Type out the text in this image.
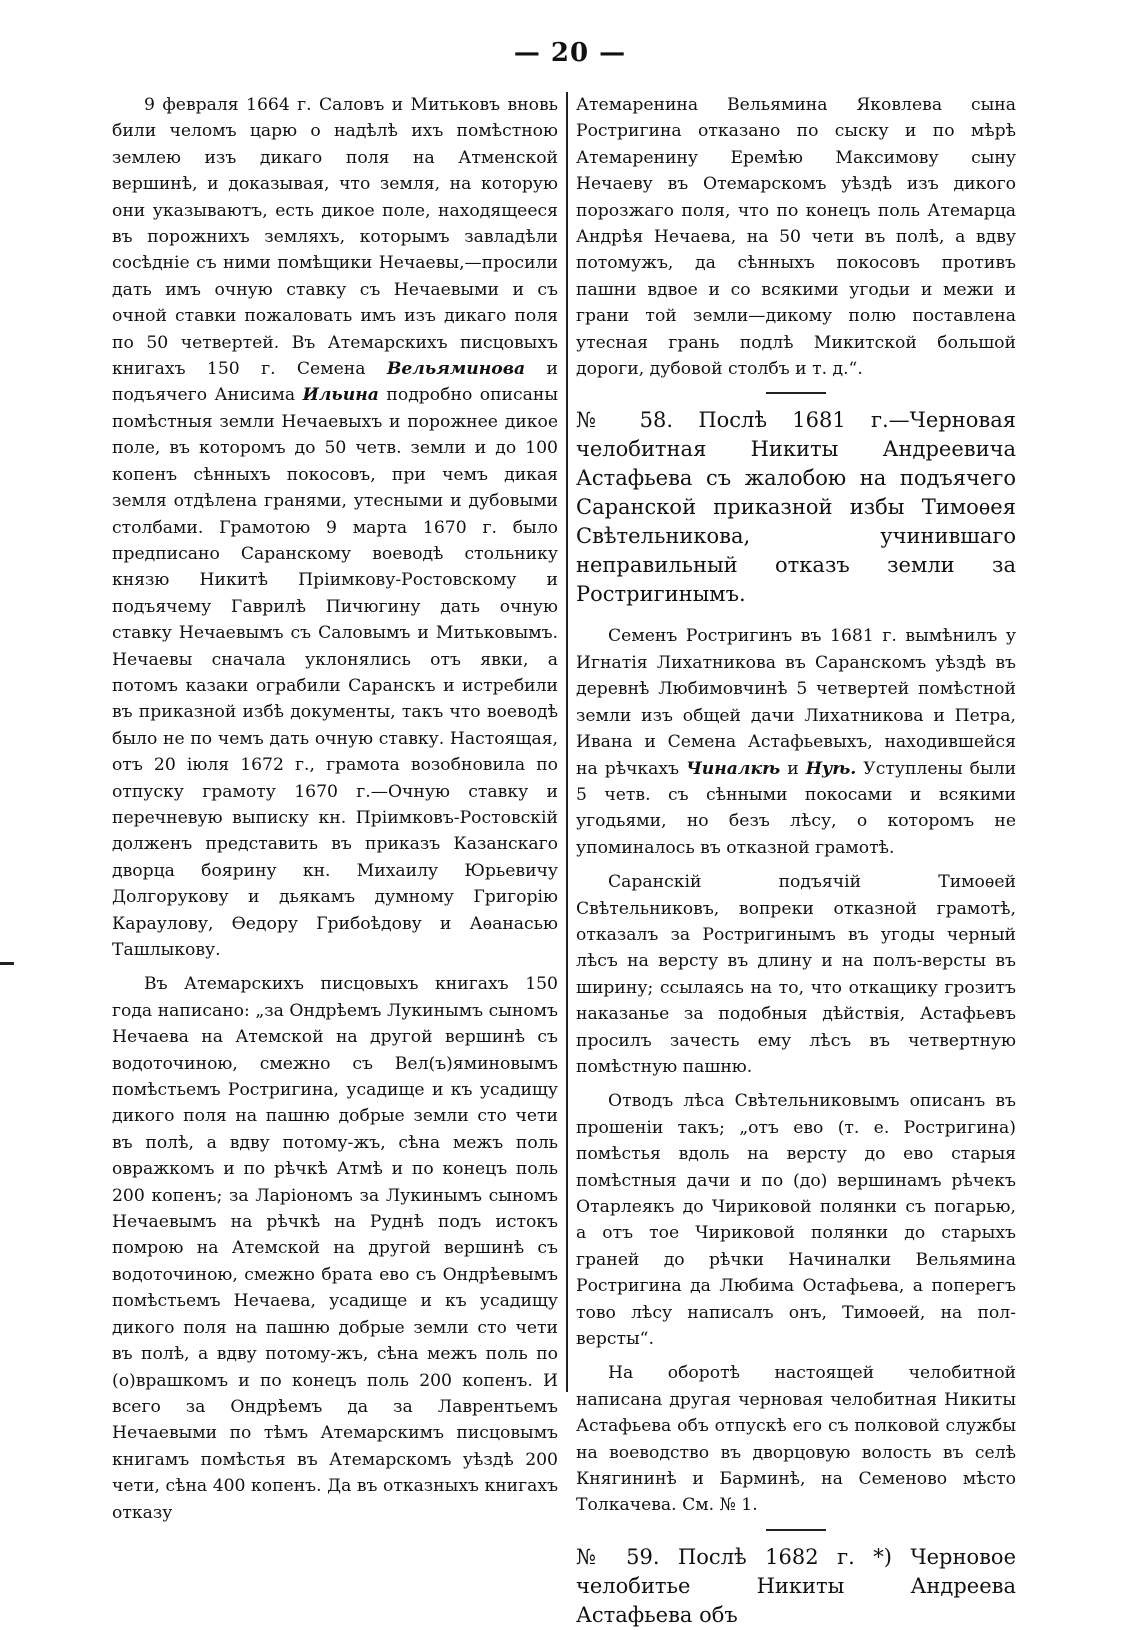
— 20 —

9 февраля 1664 г. Саловъ и Митьковъ вновь били челомъ царю о надѣлѣ ихъ помѣстною землею изъ дикаго поля на Атменской вершинѣ, и доказывая, что земля, на которую они указываютъ, есть дикое поле, находящееся въ порожнихъ земляхъ, которымъ завладѣли сосѣдніе съ ними помѣщики Нечаевы,—просили дать имъ очную ставку съ Нечаевыми и съ очной ставки пожаловать имъ изъ дикаго поля по 50 четвертей. Въ Атемарскихъ писцовыхъ книгахъ 150 г. Семена Вельяминова и подъячего Анисима Ильина подробно описаны помѣстныя земли Нечаевыхъ и порожнее дикое поле, въ которомъ до 50 четв. земли и до 100 копенъ сѣнныхъ покосовъ, при чемъ дикая земля отдѣлена гранями, утесными и дубовыми столбами. Грамотою 9 марта 1670 г. было предписано Саранскому воеводѣ стольнику князю Никитѣ Пріимкову-Ростовскому и подъячему Гаврилѣ Пичюгину дать очную ставку Нечаевымъ съ Саловымъ и Митьковымъ. Нечаевы сначала уклонялись отъ явки, а потомъ казаки ограбили Саранскъ и истребили въ приказной избѣ документы, такъ что воеводѣ было не по чемъ дать очную ставку. Настоящая, отъ 20 іюля 1672 г., грамота возобновила по отпуску грамоту 1670 г.—Очную ставку и перечневую выписку кн. Пріимковъ-Ростовскій долженъ представить въ приказъ Казанскаго дворца боярину кн. Михаилу Юрьевичу Долгорукову и дьякамъ думному Григорію Караулову, Ѳедору Грибоѣдову и Аѳанасью Ташлыкову.

Въ Атемарскихъ писцовыхъ книгахъ 150 года написано: „за Ондрѣемъ Лукинымъ сыномъ Нечаева на Атемской на другой вершинѣ съ водоточиною, смежно съ Вел(ъ)яминовымъ помѣстьемъ Ростригина, усадище и къ усадищу дикого поля на пашню добрые земли сто чети въ полѣ, а вдву потому-жъ, сѣна межъ поль овражкомъ и по рѣчкѣ Атмѣ и по конецъ поль 200 копенъ; за Ларіономъ за Лукинымъ сыномъ Нечаевымъ на рѣчкѣ на Руднѣ подъ истокъ помрою на Атемской на другой вершинѣ съ водоточиною, смежно брата ево съ Ондрѣевымъ помѣстьемъ Нечаева, усадище и къ усадищу дикого поля на пашню добрые земли сто чети въ полѣ, а вдву потому-жъ, сѣна межъ поль по (о)врашкомъ и по конецъ поль 200 копенъ. И всего за Ондрѣемъ да за Лаврентьемъ Нечаевыми по тѣмъ Атемарскимъ писцовымъ книгамъ помѣстья въ Атемарскомъ уѣздѣ 200 чети, сѣна 400 копенъ. Да въ отказныхъ книгахъ отказу

Атемаренина Вельямина Яковлева сына Ростригина отказано по сыску и по мѣрѣ Атемаренину Еремѣю Максимову сыну Нечаеву въ Отемарскомъ уѣздѣ изъ дикого порозжаго поля, что по конецъ поль Атемарца Андрѣя Нечаева, на 50 чети въ полѣ, а вдву потомужъ, да сѣнныхъ покосовъ противъ пашни вдвое и со всякими угодьи и межи и грани той земли—дикому полю поставлена утесная грань подлѣ Микитской большой дороги, дубовой столбъ и т. д.“.

№ 58. Послѣ 1681 г.—Черновая челобитная Никиты Андреевича Астафьева съ жалобою на подъячего Саранской приказной избы Тимоѳея Свѣтельникова, учинившаго неправильный отказъ земли за Ростригинымъ.

Семенъ Ростригинъ въ 1681 г. вымѣнилъ у Игнатія Лихатникова въ Саранскомъ уѣздѣ въ деревнѣ Любимовчинѣ 5 четвертей помѣстной земли изъ общей дачи Лихатникова и Петра, Ивана и Семена Астафьевыхъ, находившейся на рѣчкахъ Чиналкѣ и Нуѣ. Уступлены были 5 четв. съ сѣнными покосами и всякими угодьями, но безъ лѣсу, о которомъ не упоминалось въ отказной грамотѣ.

Саранскій подъячій Тимоѳей Свѣтельниковъ, вопреки отказной грамотѣ, отказалъ за Ростригинымъ въ угоды черный лѣсъ на версту въ длину и на полъ-версты въ ширину; ссылаясь на то, что откащику грозитъ наказанье за подобныя дѣйствія, Астафьевъ просилъ зачесть ему лѣсъ въ четвертную помѣстную пашню.

Отводъ лѣса Свѣтельниковымъ описанъ въ прошеніи такъ; „отъ ево (т. е. Ростригина) помѣстья вдоль на версту до ево старыя помѣстныя дачи и по (до) вершинамъ рѣчекъ Отарлеякъ до Чириковой полянки съ погарью, а отъ тое Чириковой полянки до старыхъ граней до рѣчки Начиналки Вельямина Ростригина да Любима Остафьева, а поперегъ тово лѣсу написалъ онъ, Тимоѳей, на пол-версты“.

На оборотѣ настоящей челобитной написана другая черновая челобитная Никиты Астафьева объ отпускѣ его съ полковой службы на воеводство въ дворцовую волость въ селѣ Княгининѣ и Барминѣ, на Семеново мѣсто Толкачева. См. № 1.

№ 59. Послѣ 1682 г. *) Черновое челобитье Никиты Андреева Астафьева объ
